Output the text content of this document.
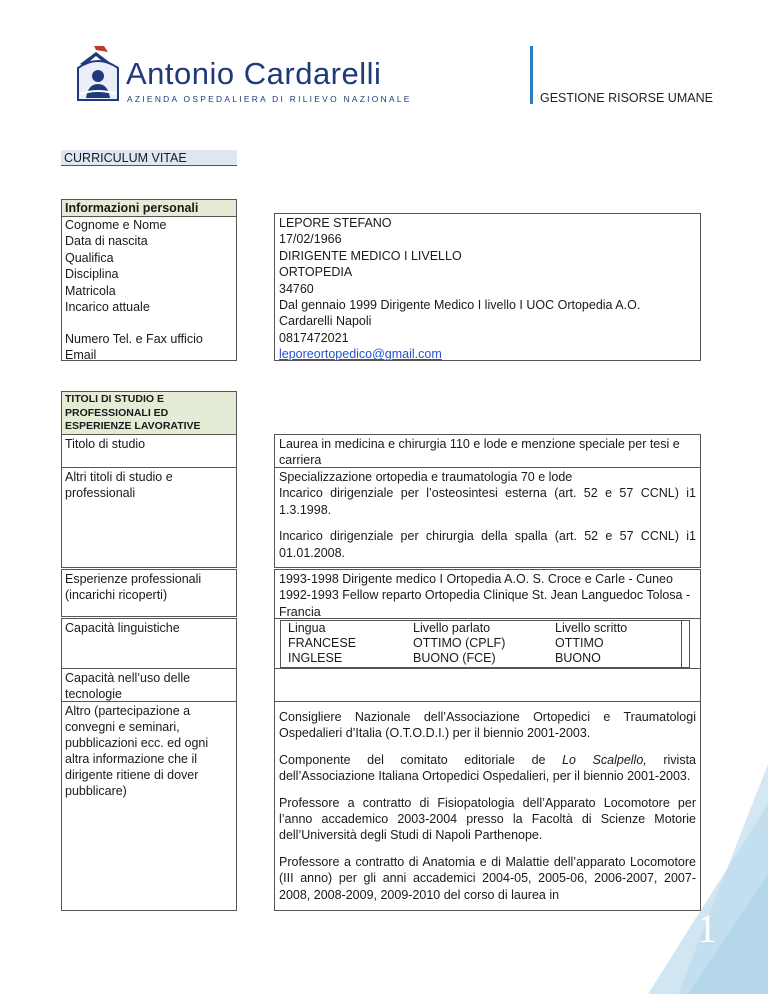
Antonio Cardarelli
AZIENDA OSPEDALIERA DI RILIEVO NAZIONALE	GESTIONE RISORSE UMANE
CURRICULUM VITAE
Informazioni personali
Cognome e Nome
Data di nascita
Qualifica
Disciplina
Matricola
Incarico attuale
Numero Tel. e Fax ufficio
Email
LEPORE STEFANO
17/02/1966
DIRIGENTE MEDICO I LIVELLO
ORTOPEDIA
34760
Dal gennaio 1999 Dirigente Medico I livello I UOC Ortopedia A.O. Cardarelli Napoli
0817472021
leporeortopedico@gmail.com
TITOLI DI STUDIO E PROFESSIONALI ED ESPERIENZE LAVORATIVE
Titolo di studio
Altri titoli di studio e professionali
Esperienze professionali (incarichi ricoperti)
Capacità linguistiche
Capacità nell’uso delle tecnologie
Altro (partecipazione a convegni e seminari, pubblicazioni ecc. ed ogni altra informazione che il dirigente ritiene di dover pubblicare)
Laurea in medicina e chirurgia 110 e lode e menzione speciale per tesi e carriera
Specializzazione ortopedia e traumatologia 70 e lode
Incarico dirigenziale per l’osteosintesi esterna (art. 52 e 57 CCNL) i1 1.3.1998.
Incarico dirigenziale per chirurgia della spalla (art. 52 e 57 CCNL) i1 01.01.2008.
1993-1998 Dirigente medico I Ortopedia A.O. S. Croce e Carle - Cuneo
1992-1993 Fellow reparto Ortopedia Clinique St. Jean Languedoc Tolosa - Francia
Lingua
FRANCESE
INGLESE
Livello parlato
OTTIMO (CPLF)
BUONO (FCE)
Livello scritto
OTTIMO
BUONO
Consigliere Nazionale dell’Associazione Ortopedici e Traumatologi Ospedalieri d’Italia (O.T.O.D.I.) per il biennio 2001-2003.
Componente del comitato editoriale de Lo Scalpello, rivista dell’Associazione Italiana Ortopedici Ospedalieri, per il biennio 2001-2003.
Professore a contratto di Fisiopatologia dell’Apparato Locomotore per l’anno accademico 2003-2004 presso la Facoltà di Scienze Motorie dell’Università degli Studi di Napoli Parthenope.
Professore a contratto di Anatomia e di Malattie dell’apparato Locomotore (III anno) per gli anni accademici 2004-05, 2005-06, 2006-2007, 2007-2008, 2008-2009, 2009-2010 del corso di laurea in
1
